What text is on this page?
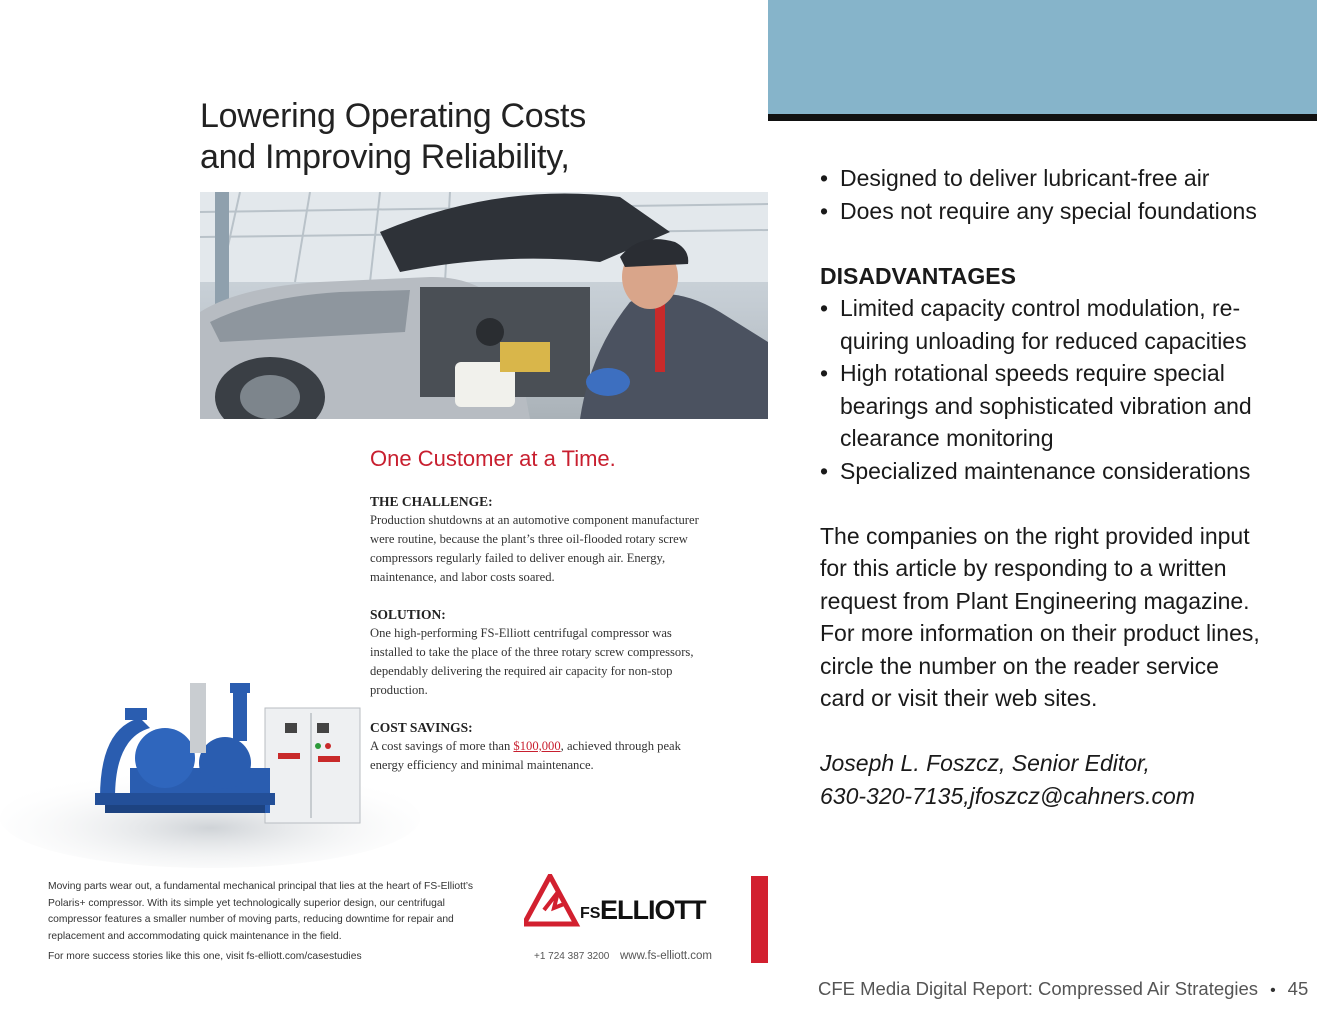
• Designed to deliver lubricant-free air
• Does not require any special foundations
DISADVANTAGES
• Limited capacity control modulation, re-quiring unloading for reduced capacities
• High rotational speeds require special bearings and sophisticated vibration and clearance monitoring
• Specialized maintenance considerations

The companies on the right provided input for this article by responding to a written request from Plant Engineering magazine. For more information on their product lines, circle the number on the reader service card or visit their web sites.

Joseph L. Foszcz, Senior Editor,
630-320-7135,jfoszcz@cahners.com
CFE Media Digital Report: Compressed Air Strategies • 45
Lowering Operating Costs
and Improving Reliability,
One Customer at a Time.
THE CHALLENGE:
Production shutdowns at an automotive component manufacturer were routine, because the plant’s three oil-flooded rotary screw compressors regularly failed to deliver enough air. Energy, maintenance, and labor costs soared.
SOLUTION:
One high-performing FS-Elliott centrifugal compressor was installed to take the place of the three rotary screw compressors, dependably delivering the required air capacity for non-stop production.
COST SAVINGS:
A cost savings of more than $100,000, achieved through peak energy efficiency and minimal maintenance.
Moving parts wear out, a fundamental mechanical principal that lies at the heart of FS-Elliott’s Polaris+ compressor. With its simple yet technologically superior design, our centrifugal compressor features a smaller number of moving parts, reducing downtime for repair and replacement and accommodating quick maintenance in the field.
For more success stories like this one, visit fs-elliott.com/casestudies
FS ELLIOTT
+1 724 387 3200 www.fs-elliott.com
